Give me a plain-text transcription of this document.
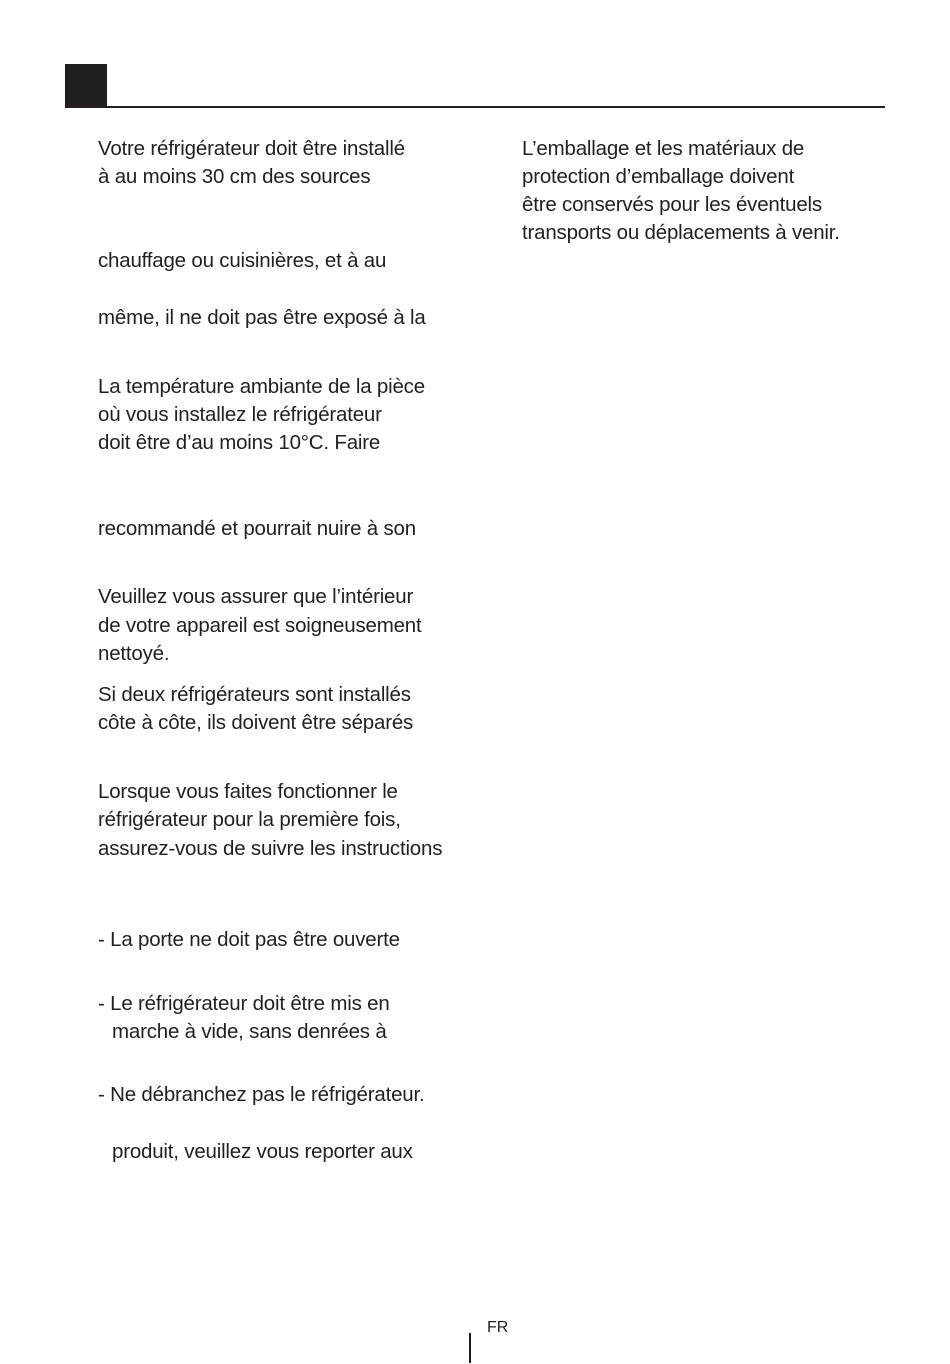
Votre réfrigérateur doit être installé
à au moins 30 cm des sources
chauffage ou cuisinières, et à au
même, il ne doit pas être exposé à la
La température ambiante de la pièce
où vous installez le réfrigérateur
doit être d’au moins 10°C. Faire
recommandé et pourrait nuire à son
Veuillez vous assurer que l’intérieur
de votre appareil est soigneusement
nettoyé.
Si deux réfrigérateurs sont installés
côte à côte, ils doivent être séparés
Lorsque vous faites fonctionner le
réfrigérateur pour la première fois,
assurez-vous de suivre les instructions
- La porte ne doit pas être ouverte
- Le réfrigérateur doit être mis en
marche à vide, sans denrées à
- Ne débranchez pas le réfrigérateur.
produit, veuillez vous reporter aux
L’emballage et les matériaux de
protection d’emballage doivent
être conservés pour les éventuels
transports ou déplacements à venir.
FR
